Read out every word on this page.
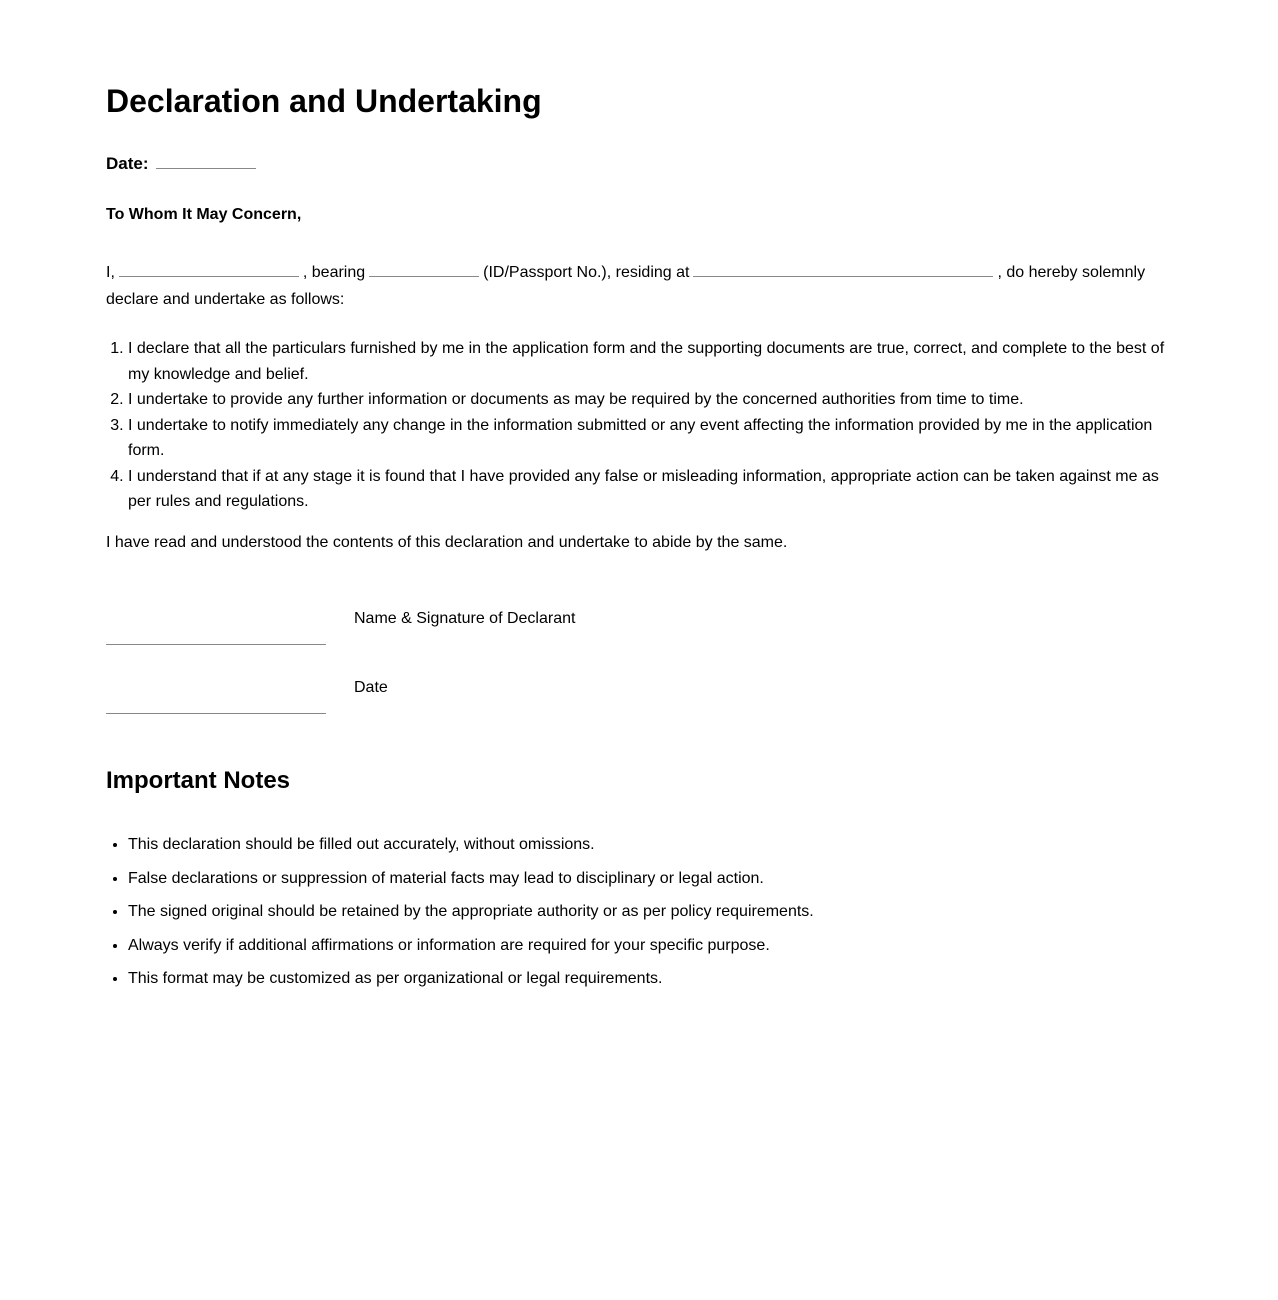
Declaration and Undertaking
Date:
To Whom It May Concern,
I,	, bearing	(ID/Passport No.), residing at	, do hereby solemnly declare and undertake as follows:
1. I declare that all the particulars furnished by me in the application form and the supporting documents are true, correct, and complete to the best of my knowledge and belief.
2. I undertake to provide any further information or documents as may be required by the concerned authorities from time to time.
3. I undertake to notify immediately any change in the information submitted or any event affecting the information provided by me in the application form.
4. I understand that if at any stage it is found that I have provided any false or misleading information, appropriate action can be taken against me as per rules and regulations.
I have read and understood the contents of this declaration and undertake to abide by the same.
Name & Signature of Declarant
Date
Important Notes
• This declaration should be filled out accurately, without omissions.
• False declarations or suppression of material facts may lead to disciplinary or legal action.
• The signed original should be retained by the appropriate authority or as per policy requirements.
• Always verify if additional affirmations or information are required for your specific purpose.
• This format may be customized as per organizational or legal requirements.
